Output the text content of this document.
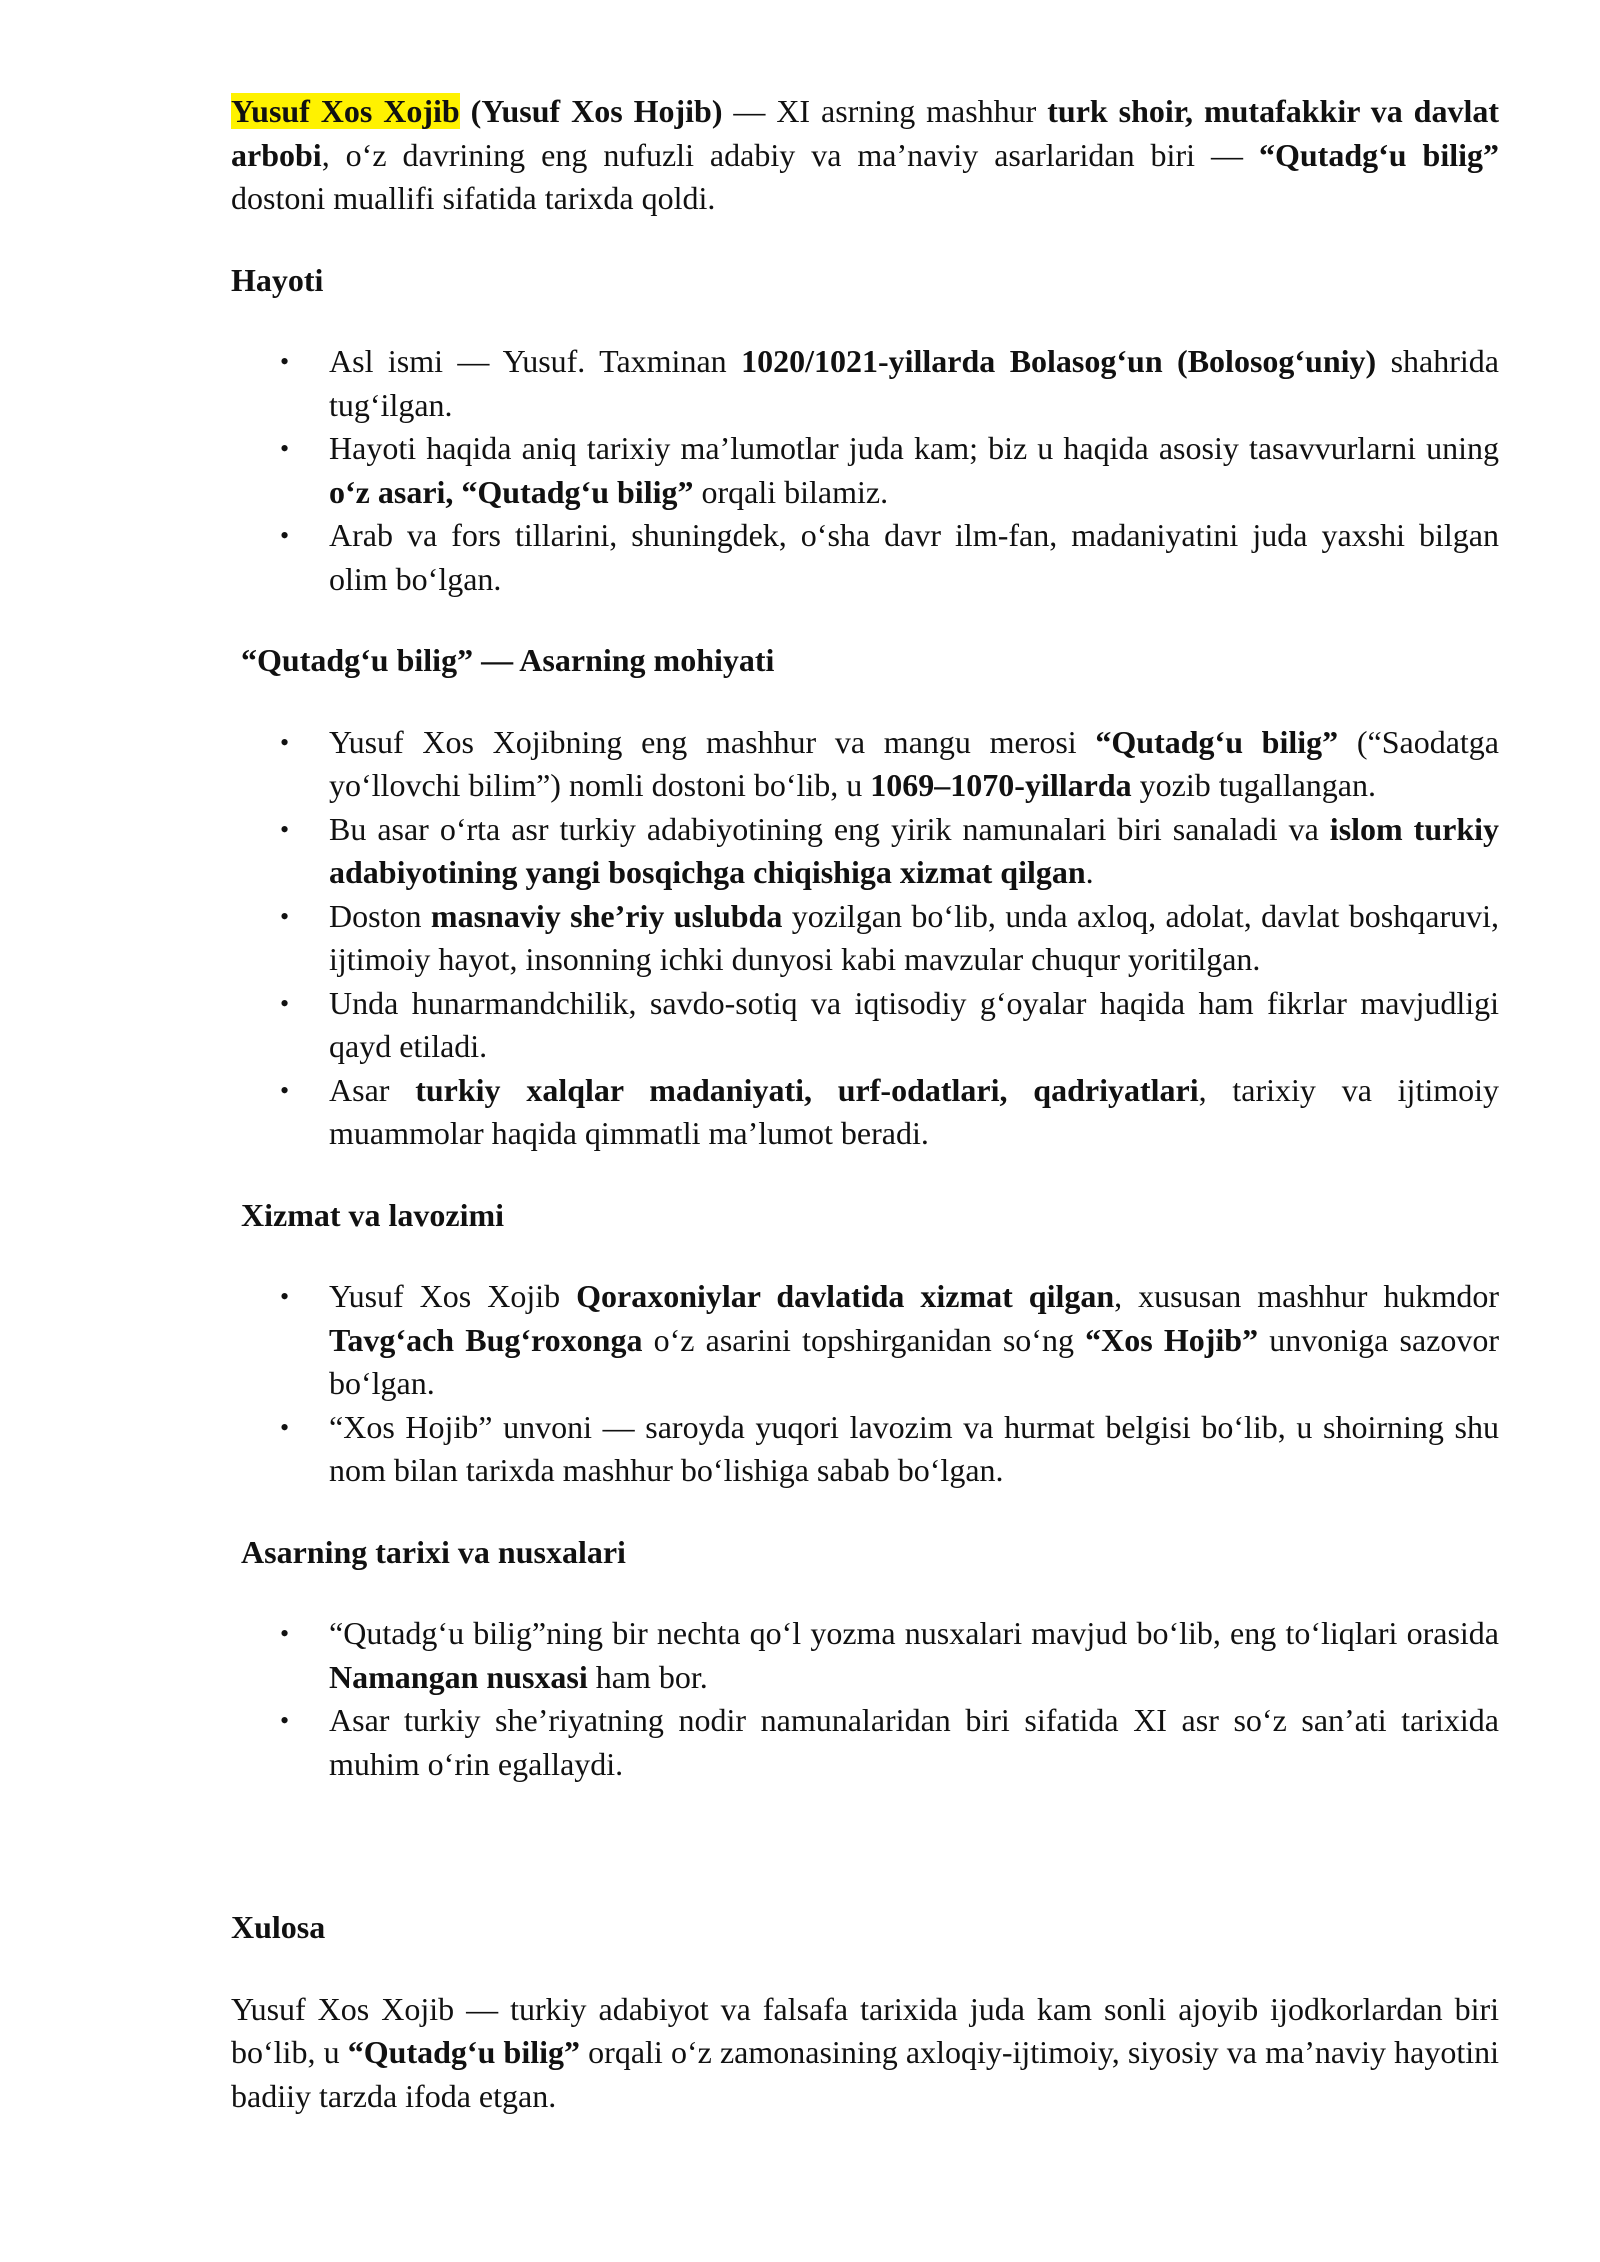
Yusuf Xos Xojib (Yusuf Xos Hojib) — XI asrning mashhur turk shoir, mutafakkir va davlat arbobi, o‘z davrining eng nufuzli adabiy va ma’naviy asarlaridan biri — “Qutadg‘u bilig” dostoni muallifi sifatida tarixda qoldi.

Hayoti
• Asl ismi — Yusuf. Taxminan 1020/1021-yillarda Bolasog‘un (Bolosog‘uniy) shahrida tug‘ilgan.
• Hayoti haqida aniq tarixiy ma’lumotlar juda kam; biz u haqida asosiy tasavvurlarni uning o‘z asari, “Qutadg‘u bilig” orqali bilamiz.
• Arab va fors tillarini, shuningdek, o‘sha davr ilm-fan, madaniyatini juda yaxshi bilgan olim bo‘lgan.
“Qutadg‘u bilig” — Asarning mohiyati
• Yusuf Xos Xojibning eng mashhur va mangu merosi “Qutadg‘u bilig” (“Saodatga yo‘llovchi bilim”) nomli dostoni bo‘lib, u 1069–1070-yillarda yozib tugallangan.
• Bu asar o‘rta asr turkiy adabiyotining eng yirik namunalari biri sanaladi va islom turkiy adabiyotining yangi bosqichga chiqishiga xizmat qilgan.
• Doston masnaviy she’riy uslubda yozilgan bo‘lib, unda axloq, adolat, davlat boshqaruvi, ijtimoiy hayot, insonning ichki dunyosi kabi mavzular chuqur yoritilgan.
• Unda hunarmandchilik, savdo-sotiq va iqtisodiy g‘oyalar haqida ham fikrlar mavjudligi qayd etiladi.
• Asar turkiy xalqlar madaniyati, urf-odatlari, qadriyatlari, tarixiy va ijtimoiy muammolar haqida qimmatli ma’lumot beradi.
Xizmat va lavozimi
• Yusuf Xos Xojib Qoraxoniylar davlatida xizmat qilgan, xususan mashhur hukmdor Tavg‘ach Bug‘roxonga o‘z asarini topshirganidan so‘ng “Xos Hojib” unvoniga sazovor bo‘lgan.
• “Xos Hojib” unvoni — saroyda yuqori lavozim va hurmat belgisi bo‘lib, u shoirning shu nom bilan tarixda mashhur bo‘lishiga sabab bo‘lgan.
Asarning tarixi va nusxalari
• “Qutadg‘u bilig”ning bir nechta qo‘l yozma nusxalari mavjud bo‘lib, eng to‘liqlari orasida Namangan nusxasi ham bor.
• Asar turkiy she’riyatning nodir namunalaridan biri sifatida XI asr so‘z san’ati tarixida muhim o‘rin egallaydi.
Xulosa

Yusuf Xos Xojib — turkiy adabiyot va falsafa tarixida juda kam sonli ajoyib ijodkorlardan biri bo‘lib, u “Qutadg‘u bilig” orqali o‘z zamonasining axloqiy-ijtimoiy, siyosiy va ma’naviy hayotini badiiy tarzda ifoda etgan.
